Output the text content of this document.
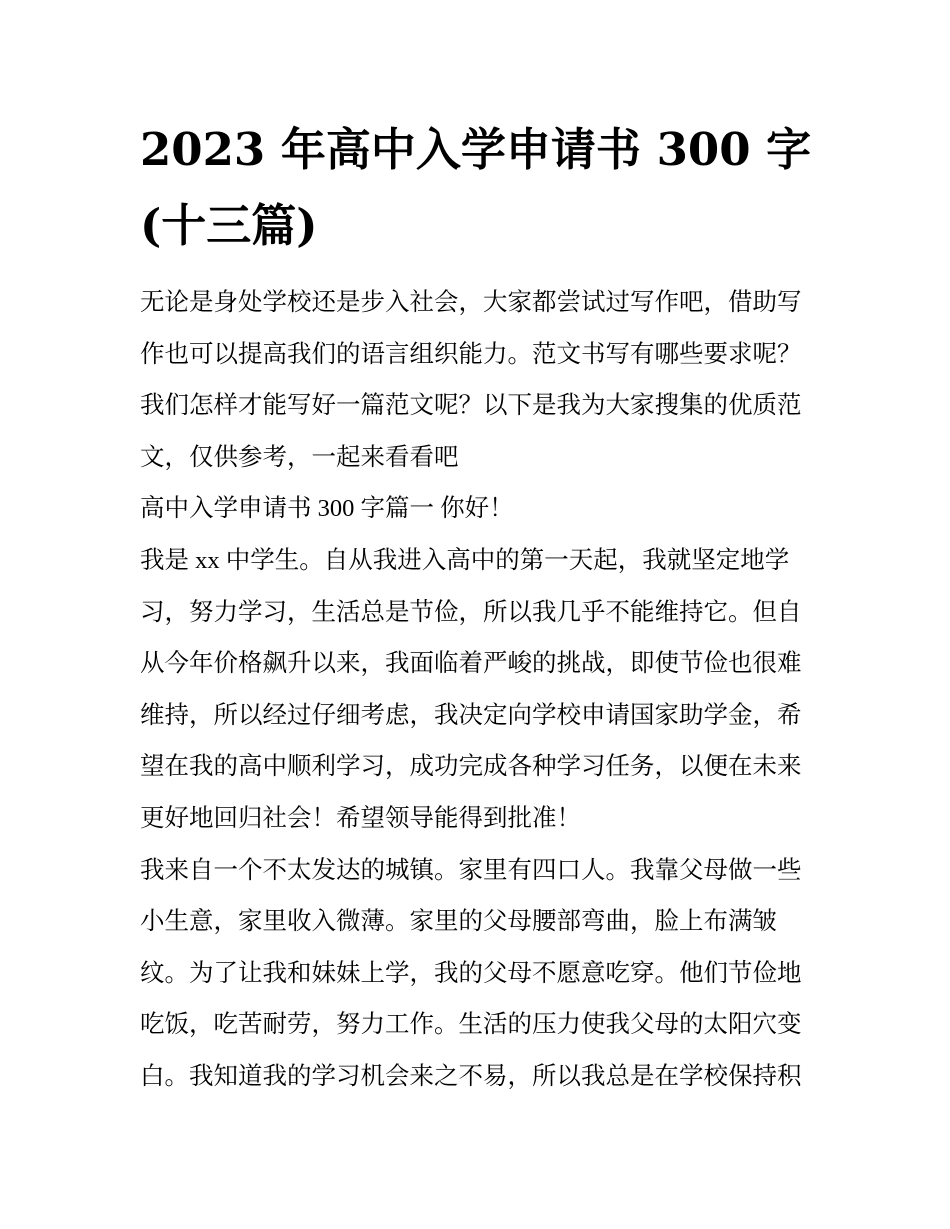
2023 年高中入学申请书 300 字
(十三篇)
无论是身处学校还是步入社会，大家都尝试过写作吧，借助写
作也可以提高我们的语言组织能力。范文书写有哪些要求呢？
我们怎样才能写好一篇范文呢？以下是我为大家搜集的优质范
文，仅供参考，一起来看看吧
高中入学申请书 300 字篇一 你好！
我是 xx 中学生。自从我进入高中的第一天起，我就坚定地学
习，努力学习，生活总是节俭，所以我几乎不能维持它。但自
从今年价格飙升以来，我面临着严峻的挑战，即使节俭也很难
维持，所以经过仔细考虑，我决定向学校申请国家助学金，希
望在我的高中顺利学习，成功完成各种学习任务，以便在未来
更好地回归社会！希望领导能得到批准！
我来自一个不太发达的城镇。家里有四口人。我靠父母做一些
小生意，家里收入微薄。家里的父母腰部弯曲，脸上布满皱
纹。为了让我和妹妹上学，我的父母不愿意吃穿。他们节俭地
吃饭，吃苦耐劳，努力工作。生活的压力使我父母的太阳穴变
白。我知道我的学习机会来之不易，所以我总是在学校保持积
